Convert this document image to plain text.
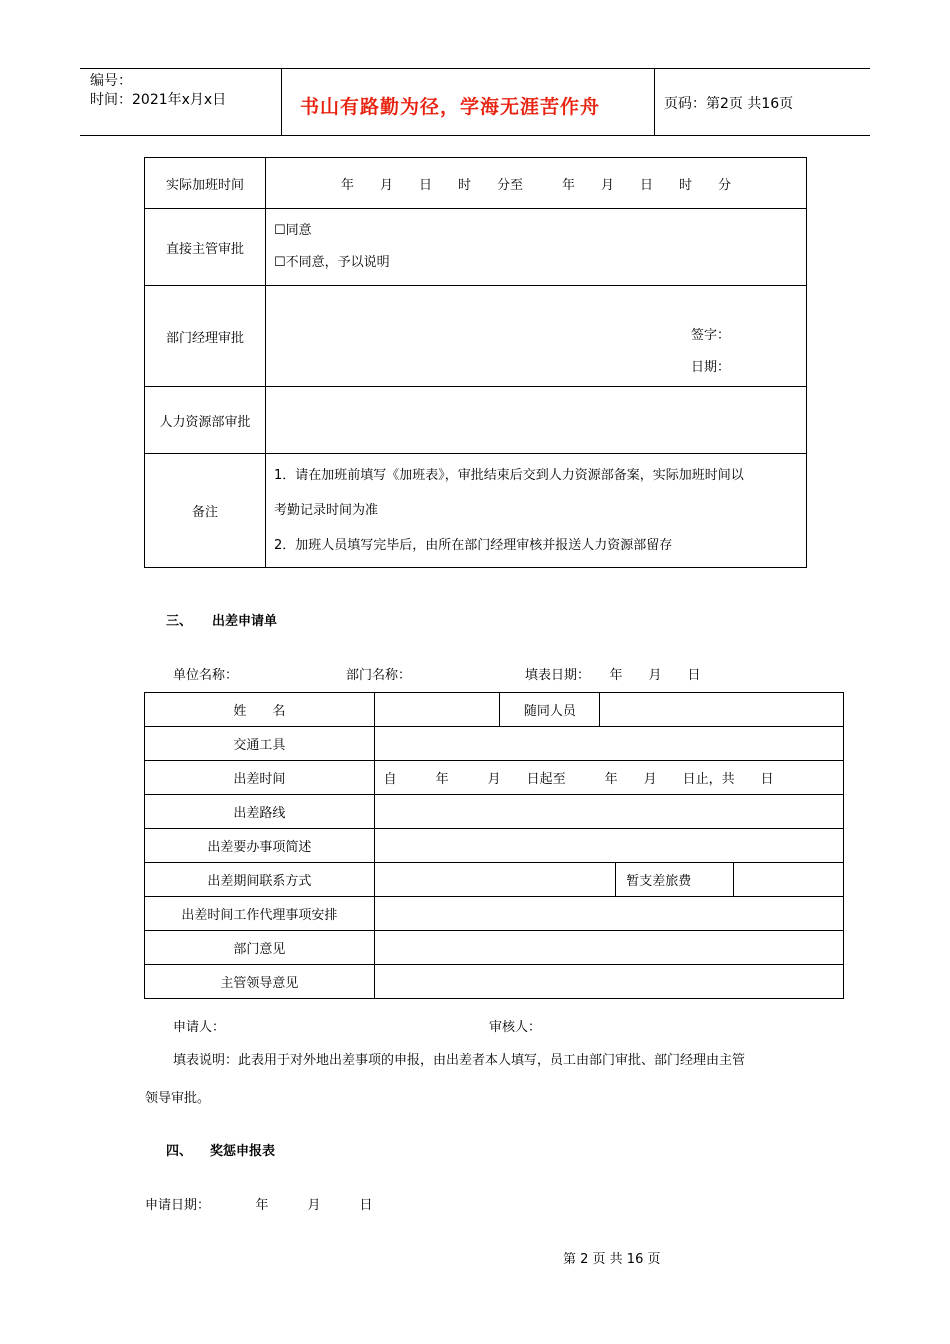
编号：
时间：2021年x月x日	书山有路勤为径，学海无涯苦作舟	页码：第2页 共16页
实际加班时间	年　　月　　日　　时　　分至　　　年　　月　　日　　时　　分
直接主管审批	☐同意
☐不同意，予以说明

部门经理审批	签字：
日期：

人力资源部审批	
备注	1．请在加班前填写《加班表》，审批结束后交到人力资源部备案，实际加班时间以
考勤记录时间为准
2．加班人员填写完毕后，由所在部门经理审核并报送人力资源部留存
三、 出差申请单
单位名称：	部门名称：	填表日期：　　年　　月　　日
姓　　名		随同人员			
交通工具					
出差时间	自　　　年　　　月　　日起至　　　年　　月　　日止，共　　日				
出差路线					
出差要办事项简述					
出差期间联系方式				暂支差旅费	
出差时间工作代理事项安排					
部门意见					
主管领导意见					
申请人：	审核人：
填表说明：此表用于对外地出差事项的申报，由出差者本人填写，员工由部门审批、部门经理由主管
领导审批。
四、 奖惩申报表
申请日期：　　　　年　　　月　　　日
第 2 页 共 16 页
